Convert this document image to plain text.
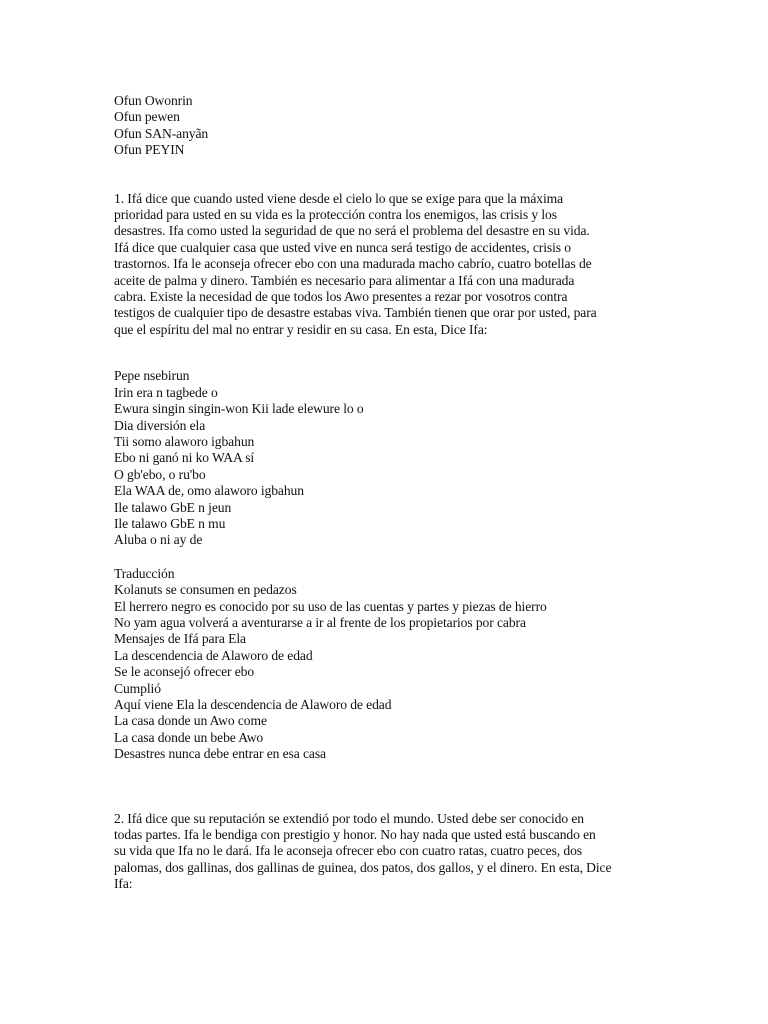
Ofun Owonrin
Ofun pewen
Ofun SAN-anyãn
Ofun PEYIN
1. Ifá dice que cuando usted viene desde el cielo lo que se exige para que la máxima
prioridad para usted en su vida es la protección contra los enemigos, las crisis y los
desastres. Ifa como usted la seguridad de que no será el problema del desastre en su vida.
Ifá dice que cualquier casa que usted vive en nunca será testigo de accidentes, crisis o
trastornos. Ifa le aconseja ofrecer ebo con una madurada macho cabrío, cuatro botellas de
aceite de palma y dinero. También es necesario para alimentar a Ifá con una madurada
cabra. Existe la necesidad de que todos los Awo presentes a rezar por vosotros contra
testigos de cualquier tipo de desastre estabas viva. También tienen que orar por usted, para
que el espíritu del mal no entrar y residir en su casa. En esta, Dice Ifa:
Pepe nsebirun
Irin era n tagbede o
Ewura singin singin-won Kii lade elewure lo o
Dia diversión ela
Tii somo alaworo igbahun
Ebo ni ganó ni ko WAA sí
O gb'ebo, o ru'bo
Ela WAA de, omo alaworo igbahun
Ile talawo GbE n jeun
Ile talawo GbE n mu
Aluba o ni ay de
Traducción
Kolanuts se consumen en pedazos
El herrero negro es conocido por su uso de las cuentas y partes y piezas de hierro
No yam agua volverá a aventurarse a ir al frente de los propietarios por cabra
Mensajes de Ifá para Ela
La descendencia de Alaworo de edad
Se le aconsejó ofrecer ebo
Cumplió
Aquí viene Ela la descendencia de Alaworo de edad
La casa donde un Awo come
La casa donde un bebe Awo
Desastres nunca debe entrar en esa casa
2. Ifá dice que su reputación se extendió por todo el mundo. Usted debe ser conocido en
todas partes. Ifa le bendiga con prestigio y honor. No hay nada que usted está buscando en
su vida que Ifa no le dará. Ifa le aconseja ofrecer ebo con cuatro ratas, cuatro peces, dos
palomas, dos gallinas, dos gallinas de guinea, dos patos, dos gallos, y el dinero. En esta, Dice
Ifa:
